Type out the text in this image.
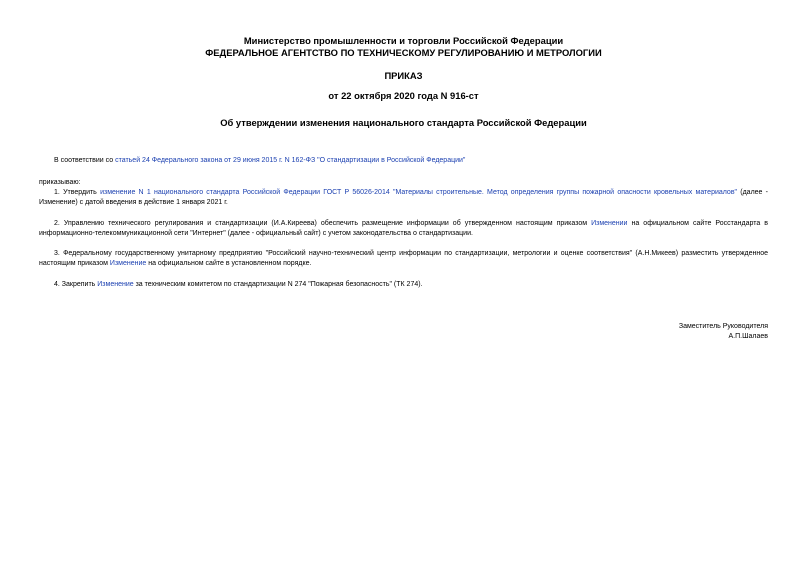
Министерство промышленности и торговли Российской Федерации
ФЕДЕРАЛЬНОЕ АГЕНТСТВО ПО ТЕХНИЧЕСКОМУ РЕГУЛИРОВАНИЮ И МЕТРОЛОГИИ
ПРИКАЗ
от 22 октября 2020 года N 916-ст
Об утверждении изменения национального стандарта Российской Федерации
В соответствии со статьей 24 Федерального закона от 29 июня 2015 г. N 162-ФЗ "О стандартизации в Российской Федерации"
приказываю:
1. Утвердить изменение N 1 национального стандарта Российской Федерации ГОСТ Р 56026-2014 "Материалы строительные. Метод определения группы пожарной опасности кровельных материалов" (далее - Изменение) с датой введения в действие 1 января 2021 г.
2. Управлению технического регулирования и стандартизации (И.А.Киреева) обеспечить размещение информации об утвержденном настоящим приказом Изменении на официальном сайте Росстандарта в информационно-телекоммуникационной сети "Интернет" (далее - официальный сайт) с учетом законодательства о стандартизации.
3. Федеральному государственному унитарному предприятию "Российский научно-технический центр информации по стандартизации, метрологии и оценке соответствия" (А.Н.Микеев) разместить утвержденное настоящим приказом Изменение на официальном сайте в установленном порядке.
4. Закрепить Изменение за техническим комитетом по стандартизации N 274 "Пожарная безопасность" (ТК 274).
Заместитель Руководителя
А.П.Шалаев
